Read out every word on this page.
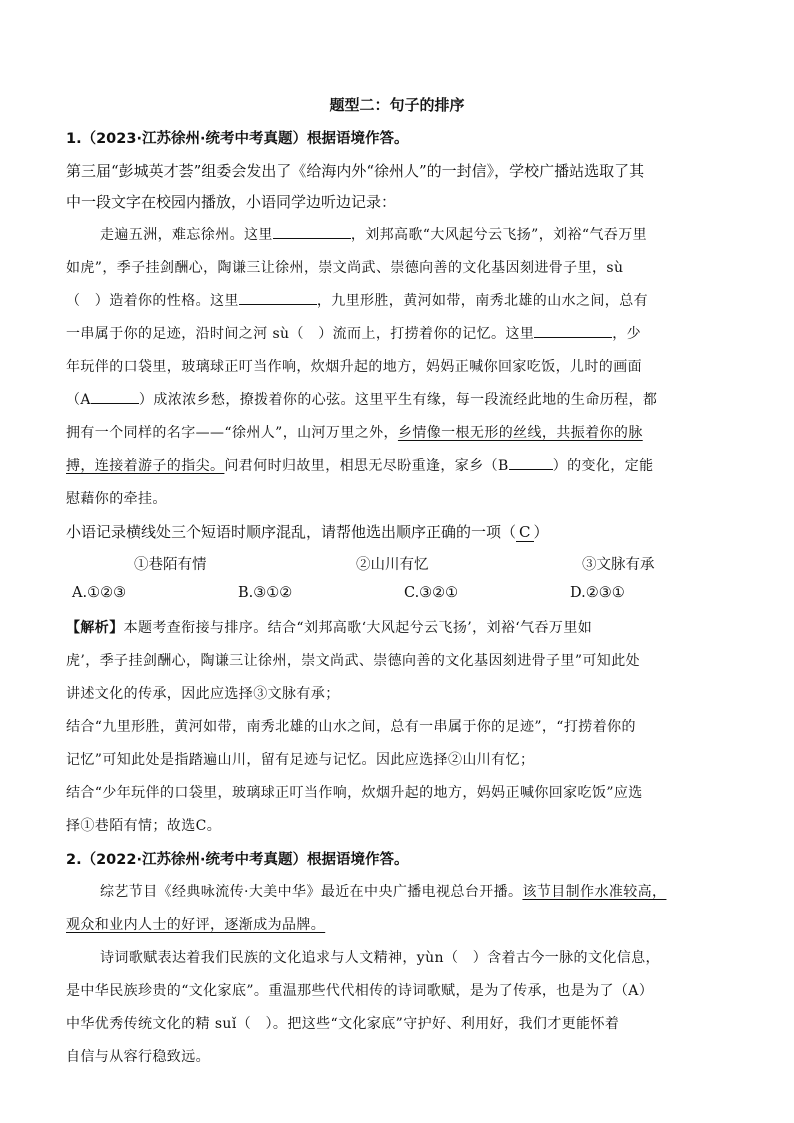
题型二：句子的排序
1.（2023·江苏徐州·统考中考真题）根据语境作答。
第三届“彭城英才荟”组委会发出了《给海内外“徐州人”的一封信》，学校广播站选取了其
中一段文字在校园内播放，小语同学边听边记录：
走遍五洲，难忘徐州。这里	，刘邦高歌“大风起兮云飞扬”，刘裕“气吞万里
如虎”，季子挂剑酬心，陶谦三让徐州，崇文尚武、崇德向善的文化基因刻进骨子里，sù
（　）造着你的性格。这里	，九里形胜，黄河如带，南秀北雄的山水之间，总有
一串属于你的足迹，沿时间之河 sù（　）流而上，打捞着你的记忆。这里	，少
年玩伴的口袋里，玻璃球正叮当作响，炊烟升起的地方，妈妈正喊你回家吃饭，儿时的画面
（A	）成浓浓乡愁，撩拨着你的心弦。这里平生有缘，每一段流经此地的生命历程，都
拥有一个同样的名字——“徐州人”，山河万里之外，乡情像一根无形的丝线，共振着你的脉
搏，连接着游子的指尖。问君何时归故里，相思无尽盼重逢，家乡（B	）的变化，定能
慰藉你的牵挂。
小语记录横线处三个短语时顺序混乱，请帮他选出顺序正确的一项（ C ）
①巷陌有情	②山川有忆	③文脉有承
A.①②③	B.③①②	C.③②①	D.②③①
【解析】本题考查衔接与排序。结合“刘邦高歌‘大风起兮云飞扬’，刘裕‘气吞万里如
虎’，季子挂剑酬心，陶谦三让徐州，崇文尚武、崇德向善的文化基因刻进骨子里”可知此处
讲述文化的传承，因此应选择③文脉有承；
结合“九里形胜，黄河如带，南秀北雄的山水之间，总有一串属于你的足迹”，“打捞着你的
记忆”可知此处是指踏遍山川，留有足迹与记忆。因此应选择②山川有忆；
结合“少年玩伴的口袋里，玻璃球正叮当作响，炊烟升起的地方，妈妈正喊你回家吃饭”应选
择①巷陌有情；故选C。
2.（2022·江苏徐州·统考中考真题）根据语境作答。
综艺节目《经典咏流传·大美中华》最近在中央广播电视总台开播。该节目制作水准较高，
观众和业内人士的好评，逐渐成为品牌。
诗词歌赋表达着我们民族的文化追求与人文精神，yùn（　）含着古今一脉的文化信息，
是中华民族珍贵的“文化家底”。重温那些代代相传的诗词歌赋，是为了传承，也是为了（A）
中华优秀传统文化的精 suǐ（　）。把这些“文化家底”守护好、利用好，我们才更能怀着
自信与从容行稳致远。
